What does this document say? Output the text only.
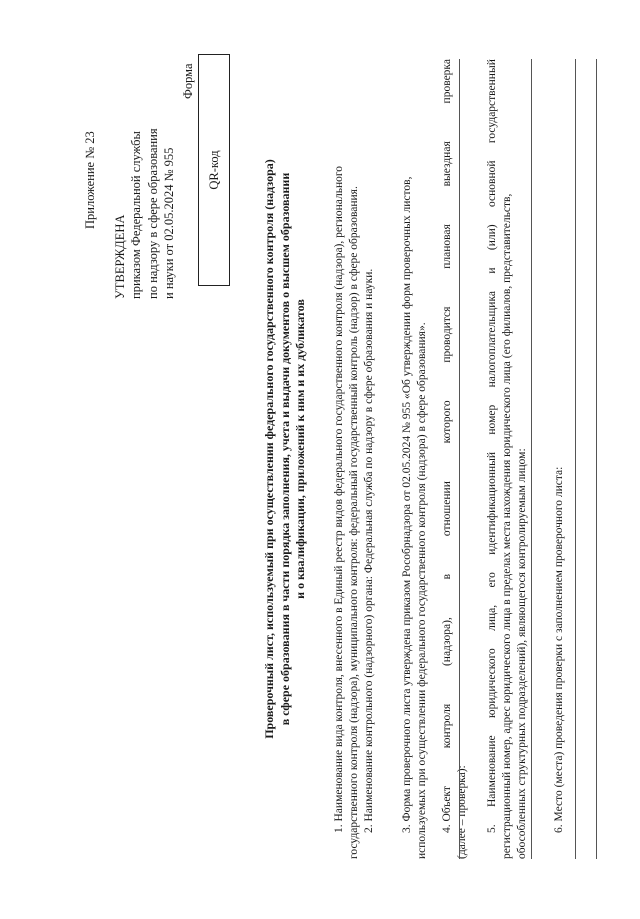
Приложение № 23
УТВЕРЖДЕНА приказом Федеральной службы по надзору в сфере образования и науки от 02.05.2024 № 955
Форма
QR-код	Проверочный лист, используемый при осуществлении федерального государственного контроля (надзора) в сфере образования в части порядка заполнения, учета и выдачи документов о высшем образовании и о квалификации, приложений к ним и их дубликатов 1. Наименование вида контроля, внесенного в Единый реестр видов федерального государственного контроля (надзора), регионального государственного контроля (надзора), муниципального контроля: федеральный государственный контроль (надзор) в сфере образования. 2. Наименование контрольного (надзорного) органа: Федеральная служба по надзору в сфере образования и науки. 3. Форма проверочного листа утверждена приказом Рособрнадзора от 02.05.2024 № 955 «Об утверждении форм проверочных листов, используемых при осуществлении федерального государственного контроля (надзора) в сфере образования». 4. Объект
контроля
(надзора),
в
отношении
которого
проводится
плановая
выездная
проверка
(далее – проверка): 5.
Наименование
юридического
лица,
его
идентификационный
номер
налогоплательщика
и
(или)
основной
государственный
регистрационный номер, адрес юридического лица в пределах места нахождения юридического лица (его филиалов, представительств, обособленных структурных подразделений), являющегося контролируемым лицом: 6. Место (места) проведения проверки с заполнением проверочного листа:
